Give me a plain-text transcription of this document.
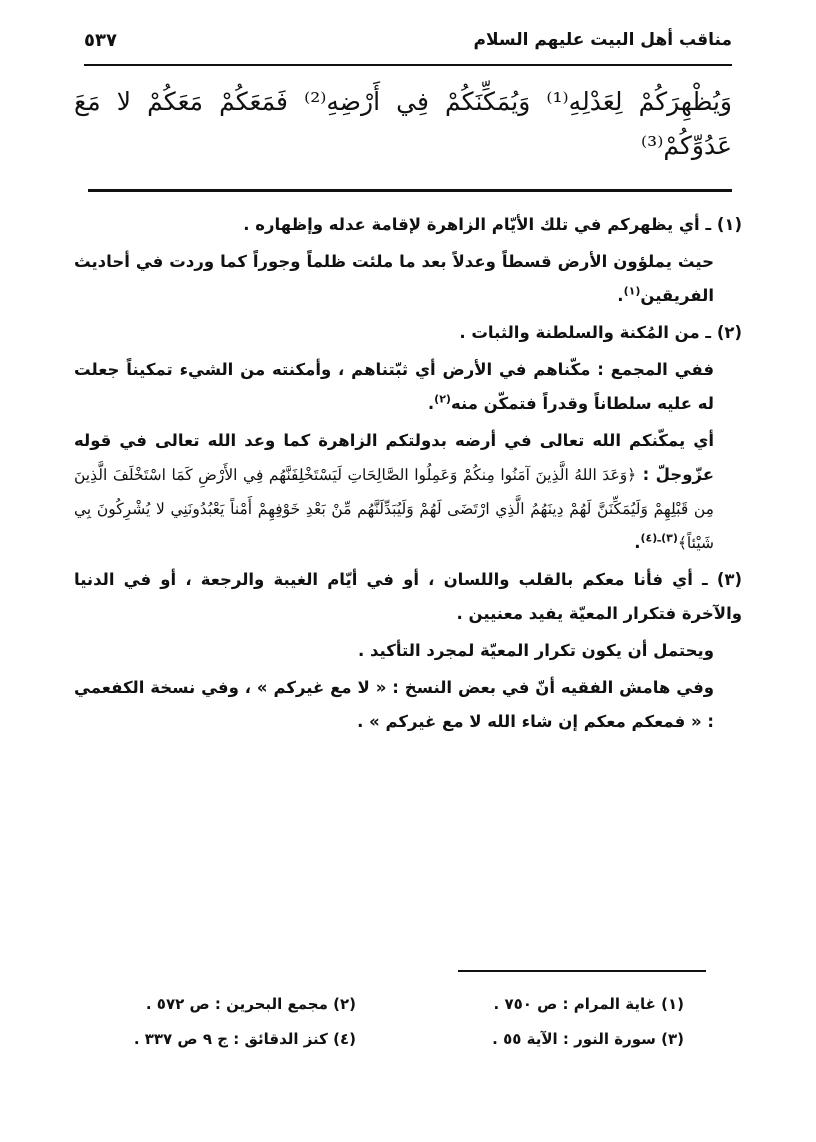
مناقب أهل البيت عليهم السلام
٥٣٧
وَيُظْهِرَكُمْ لِعَدْلِهِ⁽¹⁾ وَيُمَكِّنَكُمْ فِي أَرْضِهِ⁽²⁾ فَمَعَكُمْ مَعَكُمْ لا مَعَ عَدُوِّكُمْ⁽³⁾

(١) ـ أي يظهركم في تلك الأيّام الزاهرة لإقامة عدله وإظهاره .

حيث يملؤون الأرض قسطاً وعدلاً بعد ما ملئت ظلماً وجوراً كما وردت في أحاديث الفريقين$^{(١)}$.

(٢) ـ من المُكنة والسلطنة والثبات .

ففي المجمع : مكّناهم في الأرض أي ثبّتناهم ، وأمكنته من الشيء تمكيناً جعلت له عليه سلطاناً وقدراً فتمكّن منه$^{(٢)}$.

أي يمكّنكم الله تعالى في أرضه بدولتكم الزاهرة كما وعد الله تعالى في قوله عزّوجلّ : ﴿وَعَدَ اللهُ الَّذِينَ آمَنُوا مِنكُمْ وَعَمِلُوا الصَّالِحَاتِ لَيَسْتَخْلِفَنَّهُم فِي الأَرْضِ كَمَا اسْتَخْلَفَ الَّذِينَ مِن قَبْلِهِمْ وَلَيُمَكِّنَنَّ لَهُمْ دِينَهُمُ الَّذِي ارْتَضَى لَهُمْ وَلَيُبَدِّلَنَّهُم مِّنْ بَعْدِ خَوْفِهِمْ أَمْناً يَعْبُدُونَنِي لا يُشْرِكُونَ بِي شَيْئاً﴾$^{(٣)ـ(٤)}$.

(٣) ـ أي فأنا معكم بالقلب واللسان ، أو في أيّام الغيبة والرجعة ، أو في الدنيا والآخرة فتكرار المعيّة يفيد معنيين .

ويحتمل أن يكون تكرار المعيّة لمجرد التأكيد .

وفي هامش الفقيه أنّ في بعض النسخ : « لا مع غيركم » ، وفي نسخة الكفعمي : « فمعكم معكم إن شاء الله لا مع غيركم » .

(١) غاية المرام : ص ٧٥٠ .
(٢) مجمع البحرين : ص ٥٧٢ .
(٣) سورة النور : الآية ٥٥ .
(٤) كنز الدقائق : ج ٩ ص ٣٣٧ .
